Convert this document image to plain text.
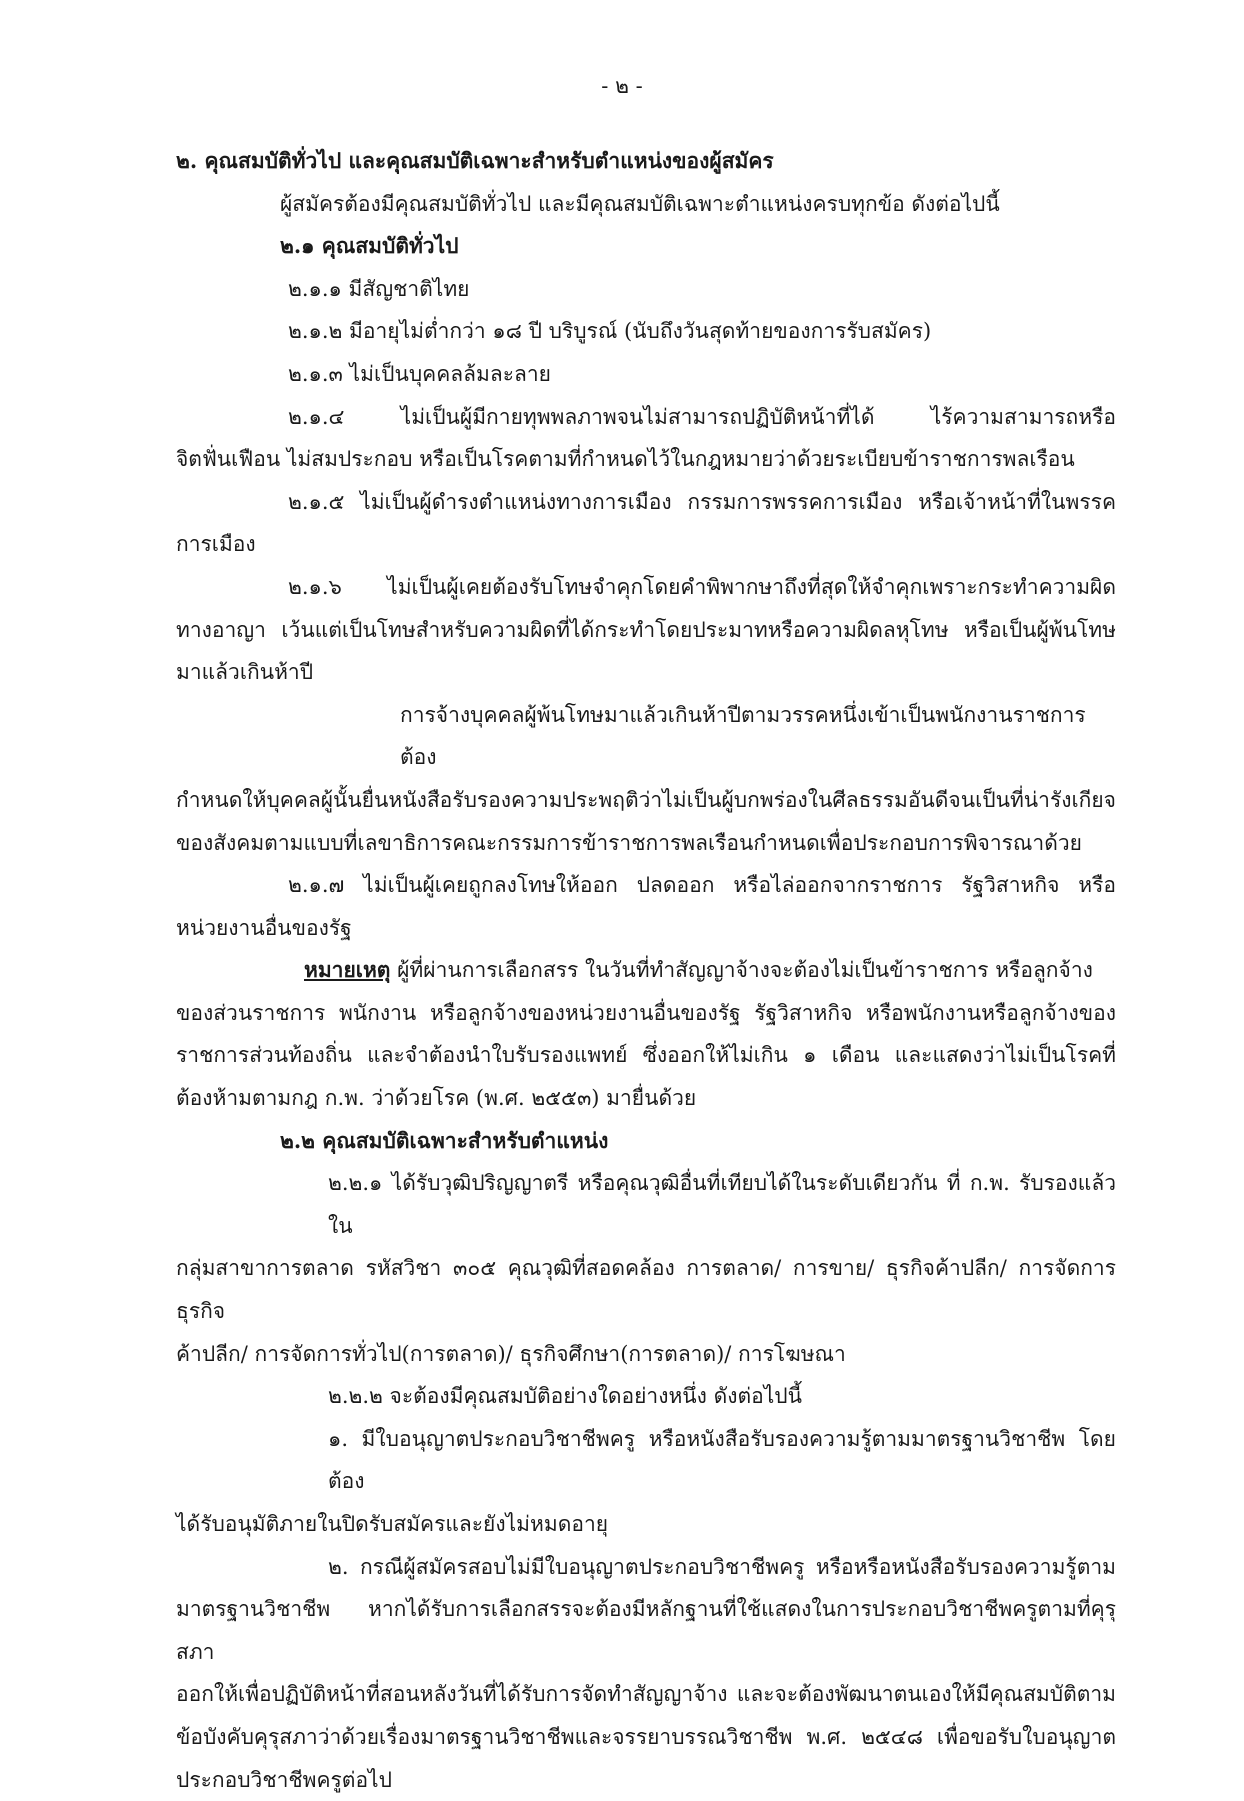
- ๒ -
๒. คุณสมบัติทั่วไป และคุณสมบัติเฉพาะสำหรับตำแหน่งของผู้สมัคร
ผู้สมัครต้องมีคุณสมบัติทั่วไป และมีคุณสมบัติเฉพาะตำแหน่งครบทุกข้อ ดังต่อไปนี้
๒.๑ คุณสมบัติทั่วไป
๒.๑.๑ มีสัญชาติไทย
๒.๑.๒ มีอายุไม่ต่ำกว่า ๑๘ ปี บริบูรณ์ (นับถึงวันสุดท้ายของการรับสมัคร)
๒.๑.๓ ไม่เป็นบุคคลล้มละลาย
๒.๑.๔ ไม่เป็นผู้มีกายทุพพลภาพจนไม่สามารถปฏิบัติหน้าที่ได้ ไร้ความสามารถหรือ
จิตฟั่นเฟือน ไม่สมประกอบ หรือเป็นโรคตามที่กำหนดไว้ในกฎหมายว่าด้วยระเบียบข้าราชการพลเรือน
๒.๑.๕ ไม่เป็นผู้ดำรงตำแหน่งทางการเมือง กรรมการพรรคการเมือง หรือเจ้าหน้าที่ในพรรค
การเมือง
๒.๑.๖ ไม่เป็นผู้เคยต้องรับโทษจำคุกโดยคำพิพากษาถึงที่สุดให้จำคุกเพราะกระทำความผิด
ทางอาญา เว้นแต่เป็นโทษสำหรับความผิดที่ได้กระทำโดยประมาทหรือความผิดลหุโทษ หรือเป็นผู้พ้นโทษ
มาแล้วเกินห้าปี
การจ้างบุคคลผู้พ้นโทษมาแล้วเกินห้าปีตามวรรคหนึ่งเข้าเป็นพนักงานราชการต้อง
กำหนดให้บุคคลผู้นั้นยื่นหนังสือรับรองความประพฤติว่าไม่เป็นผู้บกพร่องในศีลธรรมอันดีจนเป็นที่น่ารังเกียจ
ของสังคมตามแบบที่เลขาธิการคณะกรรมการข้าราชการพลเรือนกำหนดเพื่อประกอบการพิจารณาด้วย
๒.๑.๗ ไม่เป็นผู้เคยถูกลงโทษให้ออก ปลดออก หรือไล่ออกจากราชการ รัฐวิสาหกิจ หรือ
หน่วยงานอื่นของรัฐ
หมายเหตุ ผู้ที่ผ่านการเลือกสรร ในวันที่ทำสัญญาจ้างจะต้องไม่เป็นข้าราชการ หรือลูกจ้าง
ของส่วนราชการ พนักงาน หรือลูกจ้างของหน่วยงานอื่นของรัฐ รัฐวิสาหกิจ หรือพนักงานหรือลูกจ้างของ
ราชการส่วนท้องถิ่น และจำต้องนำใบรับรองแพทย์ ซึ่งออกให้ไม่เกิน ๑ เดือน และแสดงว่าไม่เป็นโรคที่
ต้องห้ามตามกฎ ก.พ. ว่าด้วยโรค (พ.ศ. ๒๕๕๓) มายื่นด้วย
๒.๒ คุณสมบัติเฉพาะสำหรับตำแหน่ง
๒.๒.๑ ได้รับวุฒิปริญญาตรี หรือคุณวุฒิอื่นที่เทียบได้ในระดับเดียวกัน ที่ ก.พ. รับรองแล้วใน
กลุ่มสาขาการตลาด รหัสวิชา ๓๐๕ คุณวุฒิที่สอดคล้อง การตลาด/ การขาย/ ธุรกิจค้าปลีก/ การจัดการธุรกิจ
ค้าปลีก/ การจัดการทั่วไป(การตลาด)/ ธุรกิจศึกษา(การตลาด)/ การโฆษณา
๒.๒.๒ จะต้องมีคุณสมบัติอย่างใดอย่างหนึ่ง ดังต่อไปนี้
๑. มีใบอนุญาตประกอบวิชาชีพครู หรือหนังสือรับรองความรู้ตามมาตรฐานวิชาชีพ โดยต้อง
ได้รับอนุมัติภายในปิดรับสมัครและยังไม่หมดอายุ
๒. กรณีผู้สมัครสอบไม่มีใบอนุญาตประกอบวิชาชีพครู หรือหรือหนังสือรับรองความรู้ตาม
มาตรฐานวิชาชีพ หากได้รับการเลือกสรรจะต้องมีหลักฐานที่ใช้แสดงในการประกอบวิชาชีพครูตามที่คุรุสภา
ออกให้เพื่อปฏิบัติหน้าที่สอนหลังวันที่ได้รับการจัดทำสัญญาจ้าง และจะต้องพัฒนาตนเองให้มีคุณสมบัติตาม
ข้อบังคับคุรุสภาว่าด้วยเรื่องมาตรฐานวิชาชีพและจรรยาบรรณวิชาชีพ พ.ศ. ๒๕๔๘ เพื่อขอรับใบอนุญาต
ประกอบวิชาชีพครูต่อไป
